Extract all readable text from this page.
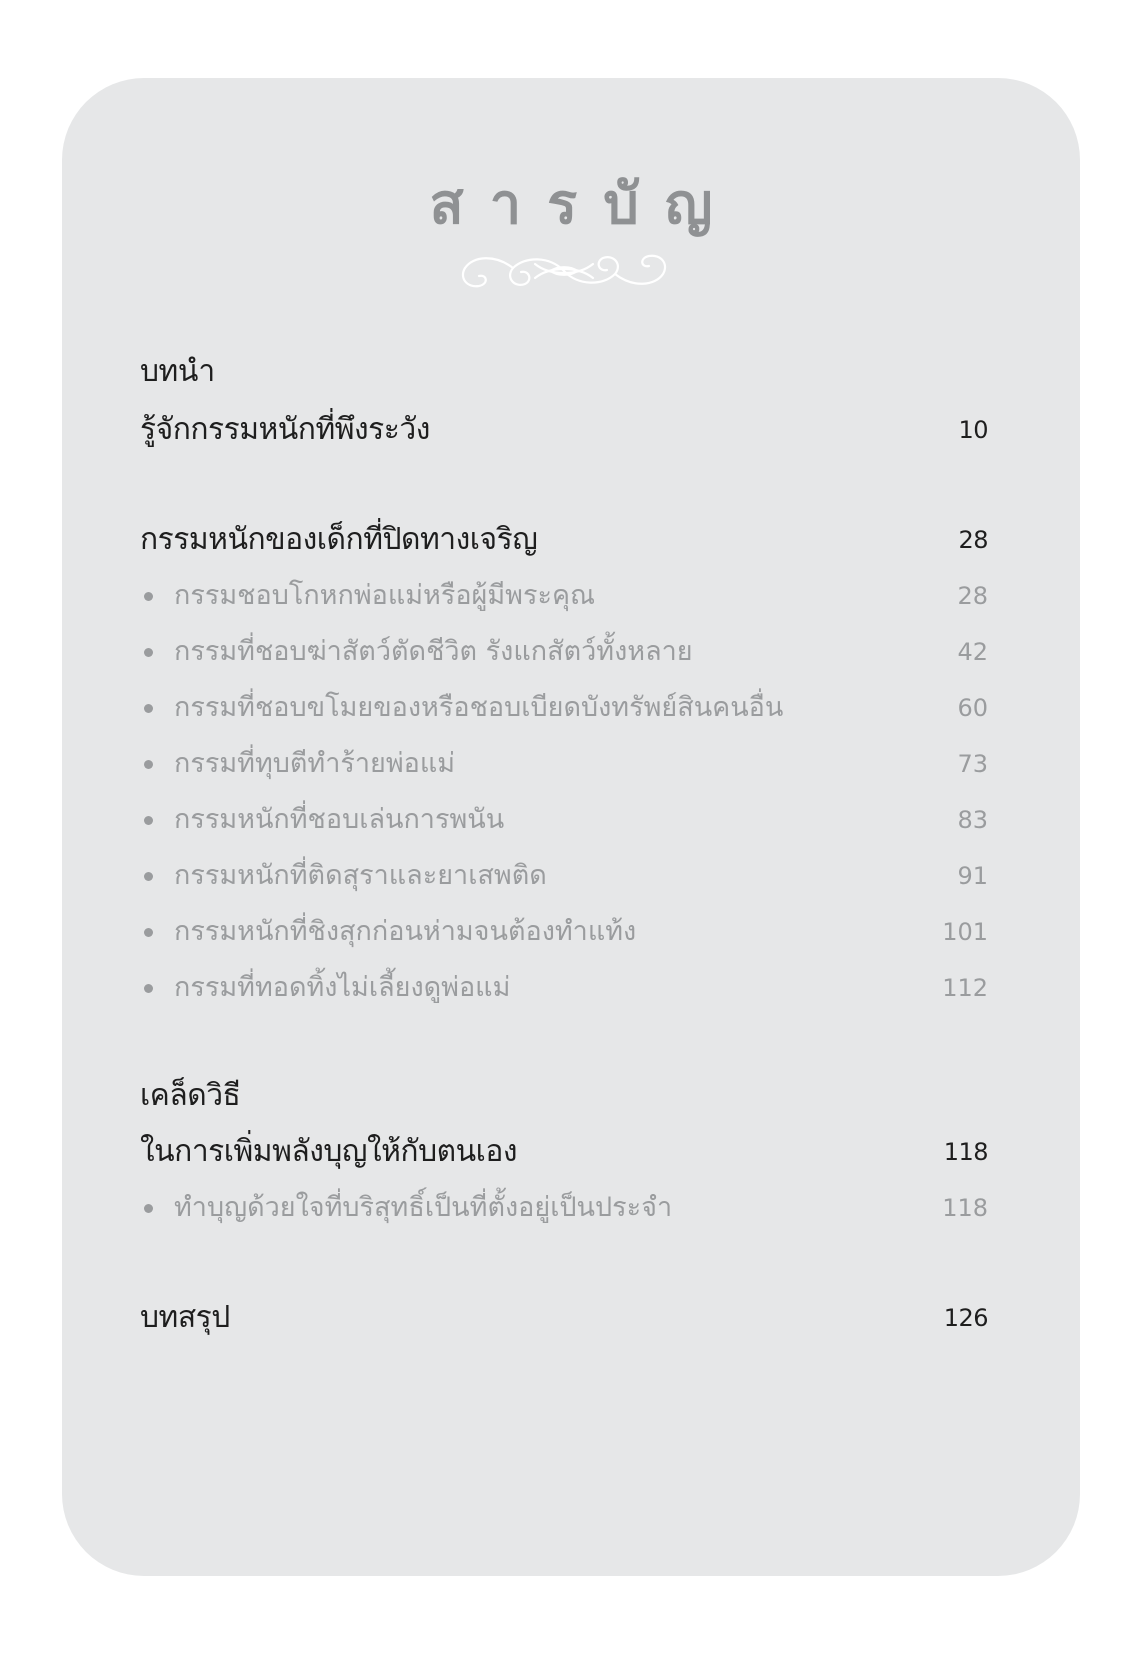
สารบัญ
บทนำ
รู้จักกรรมหนักที่พึงระวัง	10
กรรมหนักของเด็กที่ปิดทางเจริญ	28
กรรมชอบโกหกพ่อแม่หรือผู้มีพระคุณ	28
กรรมที่ชอบฆ่าสัตว์ตัดชีวิต รังแกสัตว์ทั้งหลาย	42
กรรมที่ชอบขโมยของหรือชอบเบียดบังทรัพย์สินคนอื่น	60
กรรมที่ทุบตีทำร้ายพ่อแม่	73
กรรมหนักที่ชอบเล่นการพนัน	83
กรรมหนักที่ติดสุราและยาเสพติด	91
กรรมหนักที่ชิงสุกก่อนห่ามจนต้องทำแท้ง	101
กรรมที่ทอดทิ้งไม่เลี้ยงดูพ่อแม่	112
เคล็ดวิธี
ในการเพิ่มพลังบุญให้กับตนเอง	118
ทำบุญด้วยใจที่บริสุทธิ์เป็นที่ตั้งอยู่เป็นประจำ	118
บทสรุป	126
